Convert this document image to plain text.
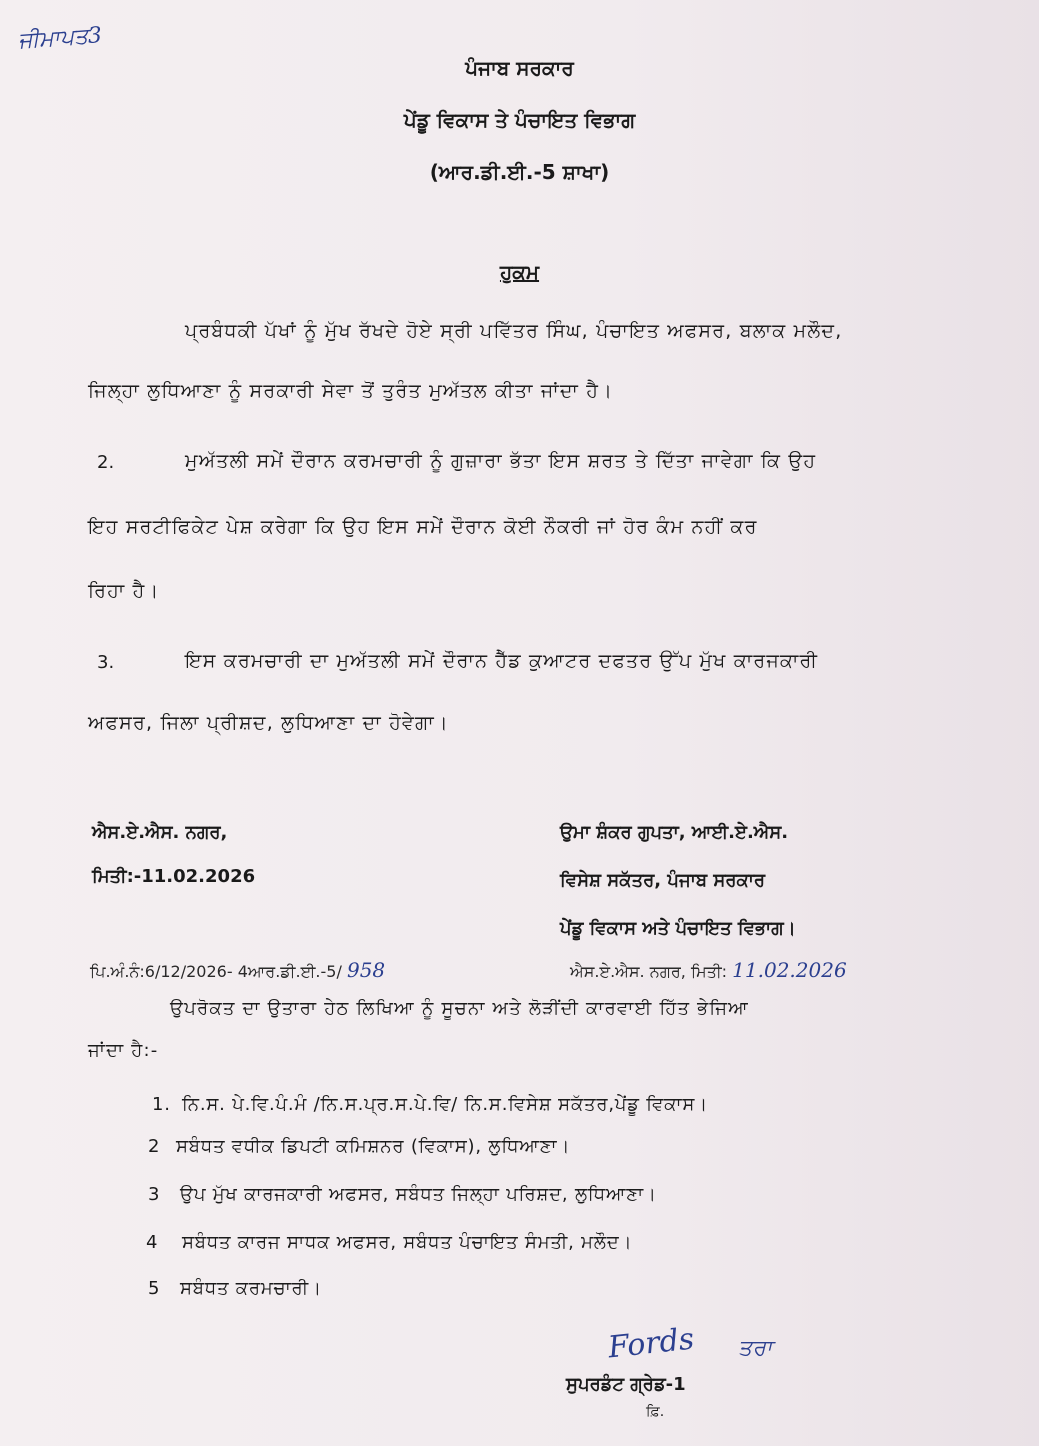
ਜੀਮਾਪਤ3
ਪੰਜਾਬ ਸਰਕਾਰ
ਪੇਂਡੂ ਵਿਕਾਸ ਤੇ ਪੰਚਾਇਤ ਵਿਭਾਗ
(ਆਰ.ਡੀ.ਈ.-5 ਸ਼ਾਖਾ)
ਹੁਕਮ
ਪ੍ਰਬੰਧਕੀ ਪੱਖਾਂ ਨੂੰ ਮੁੱਖ ਰੱਖਦੇ ਹੋਏ ਸ੍ਰੀ ਪਵਿੱਤਰ ਸਿੰਘ, ਪੰਚਾਇਤ ਅਫਸਰ, ਬਲਾਕ ਮਲੌਦ,
ਜਿਲ੍ਹਾ ਲੁਧਿਆਣਾ ਨੂੰ ਸਰਕਾਰੀ ਸੇਵਾ ਤੋਂ ਤੁਰੰਤ ਮੁਅੱਤਲ ਕੀਤਾ ਜਾਂਦਾ ਹੈ।
2.	ਮੁਅੱਤਲੀ ਸਮੇਂ ਦੌਰਾਨ ਕਰਮਚਾਰੀ ਨੂੰ ਗੁਜ਼ਾਰਾ ਭੱਤਾ ਇਸ ਸ਼ਰਤ ਤੇ ਦਿੱਤਾ ਜਾਵੇਗਾ ਕਿ ਉਹ
ਇਹ ਸਰਟੀਫਿਕੇਟ ਪੇਸ਼ ਕਰੇਗਾ ਕਿ ਉਹ ਇਸ ਸਮੇਂ ਦੌਰਾਨ ਕੋਈ ਨੌਕਰੀ ਜਾਂ ਹੋਰ ਕੰਮ ਨਹੀਂ ਕਰ
ਰਿਹਾ ਹੈ।
3.	ਇਸ ਕਰਮਚਾਰੀ ਦਾ ਮੁਅੱਤਲੀ ਸਮੇਂ ਦੌਰਾਨ ਹੈੱਡ ਕੁਆਟਰ ਦਫਤਰ ਉੱਪ ਮੁੱਖ ਕਾਰਜਕਾਰੀ
ਅਫਸਰ, ਜਿਲਾ ਪ੍ਰੀਸ਼ਦ, ਲੁਧਿਆਣਾ ਦਾ ਹੋਵੇਗਾ।
ਐਸ.ਏ.ਐਸ. ਨਗਰ,
ਮਿਤੀ:-11.02.2026
ਉਮਾ ਸ਼ੰਕਰ ਗੁਪਤਾ, ਆਈ.ਏ.ਐਸ.
ਵਿਸੇਸ਼ ਸਕੱਤਰ, ਪੰਜਾਬ ਸਰਕਾਰ
ਪੇਂਡੂ ਵਿਕਾਸ ਅਤੇ ਪੰਚਾਇਤ ਵਿਭਾਗ।
ਪਿ.ਅੰ.ਨੰ:6/12/2026- 4ਆਰ.ਡੀ.ਈ.-5/ 958	ਐਸ.ਏ.ਐਸ. ਨਗਰ, ਮਿਤੀ: 11.02.2026
ਉਪਰੋਕਤ ਦਾ ਉਤਾਰਾ ਹੇਠ ਲਿਖਿਆ ਨੂੰ ਸੂਚਨਾ ਅਤੇ ਲੋੜੀਂਦੀ ਕਾਰਵਾਈ ਹਿੱਤ ਭੇਜਿਆ
ਜਾਂਦਾ ਹੈ:-
1. ਨਿ.ਸ. ਪੇ.ਵਿ.ਪੰ.ਮੰ /ਨਿ.ਸ.ਪ੍ਰ.ਸ.ਪੇ.ਵਿ/ ਨਿ.ਸ.ਵਿਸੇਸ਼ ਸਕੱਤਰ,ਪੇਂਡੂ ਵਿਕਾਸ।
2 ਸਬੰਧਤ ਵਧੀਕ ਡਿਪਟੀ ਕਮਿਸ਼ਨਰ (ਵਿਕਾਸ), ਲੁਧਿਆਣਾ।
3 ਉਪ ਮੁੱਖ ਕਾਰਜਕਾਰੀ ਅਫਸਰ, ਸਬੰਧਤ ਜਿਲ੍ਹਾ ਪਰਿਸ਼ਦ, ਲੁਧਿਆਣਾ।
4 ਸਬੰਧਤ ਕਾਰਜ ਸਾਧਕ ਅਫਸਰ, ਸਬੰਧਤ ਪੰਚਾਇਤ ਸੰਮਤੀ, ਮਲੌਦ।
5 ਸਬੰਧਤ ਕਰਮਚਾਰੀ।
Fords ਤਰਾ
ਸੁਪਰਡੰਟ ਗ੍ਰੇਡ-1
ਫ਼ਿ.
